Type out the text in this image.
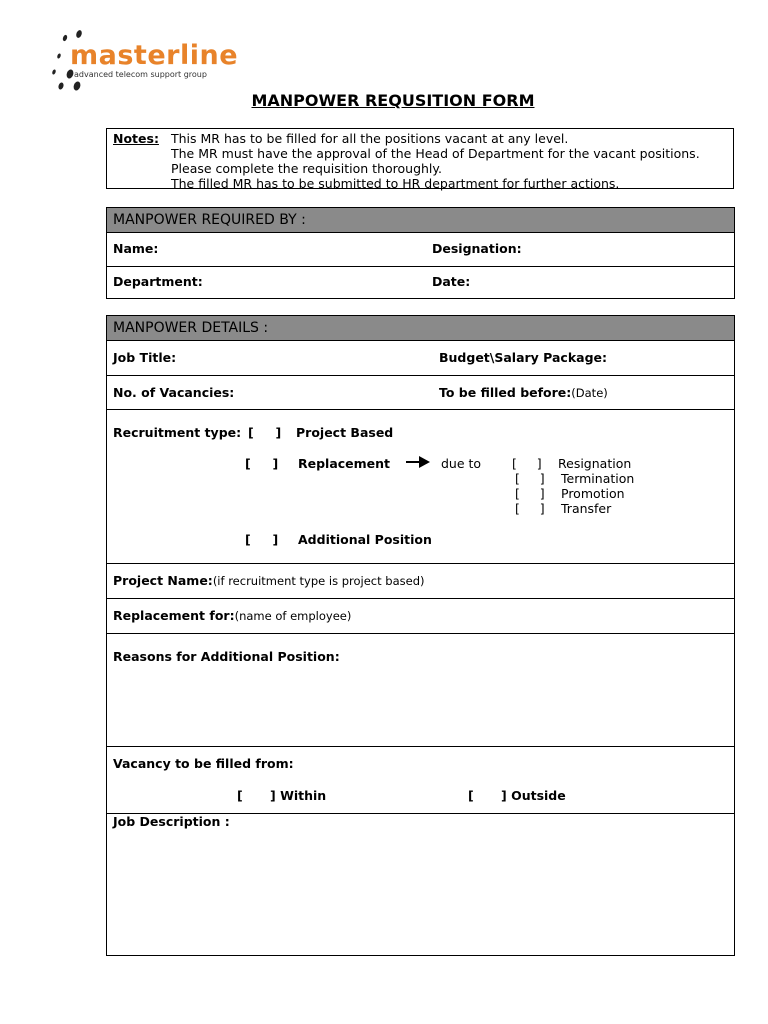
masterline
advanced telecom support group
MANPOWER REQUSITION FORM
Notes: This MR has to be filled for all the positions vacant at any level.
The MR must have the approval of the Head of Department for the vacant positions.
Please complete the requisition thoroughly.
The filled MR has to be submitted to HR department for further actions.
MANPOWER REQUIRED BY :
Name:	Designation:
Department:	Date:
MANPOWER DETAILS :
Job Title:	Budget\Salary Package:
No. of Vacancies:	To be filled before:(Date)
Recruitment type: [     ] Project Based
[     ] Replacement	due to [     ] Resignation
[     ] Termination
[     ] Promotion
[     ] Transfer
[     ] Additional Position
Project Name:(if recruitment type is project based)
Replacement for:(name of employee)
Reasons for Additional Position:
Vacancy to be filled from:
[ ] Within	[ ] Outside
Job Description :
